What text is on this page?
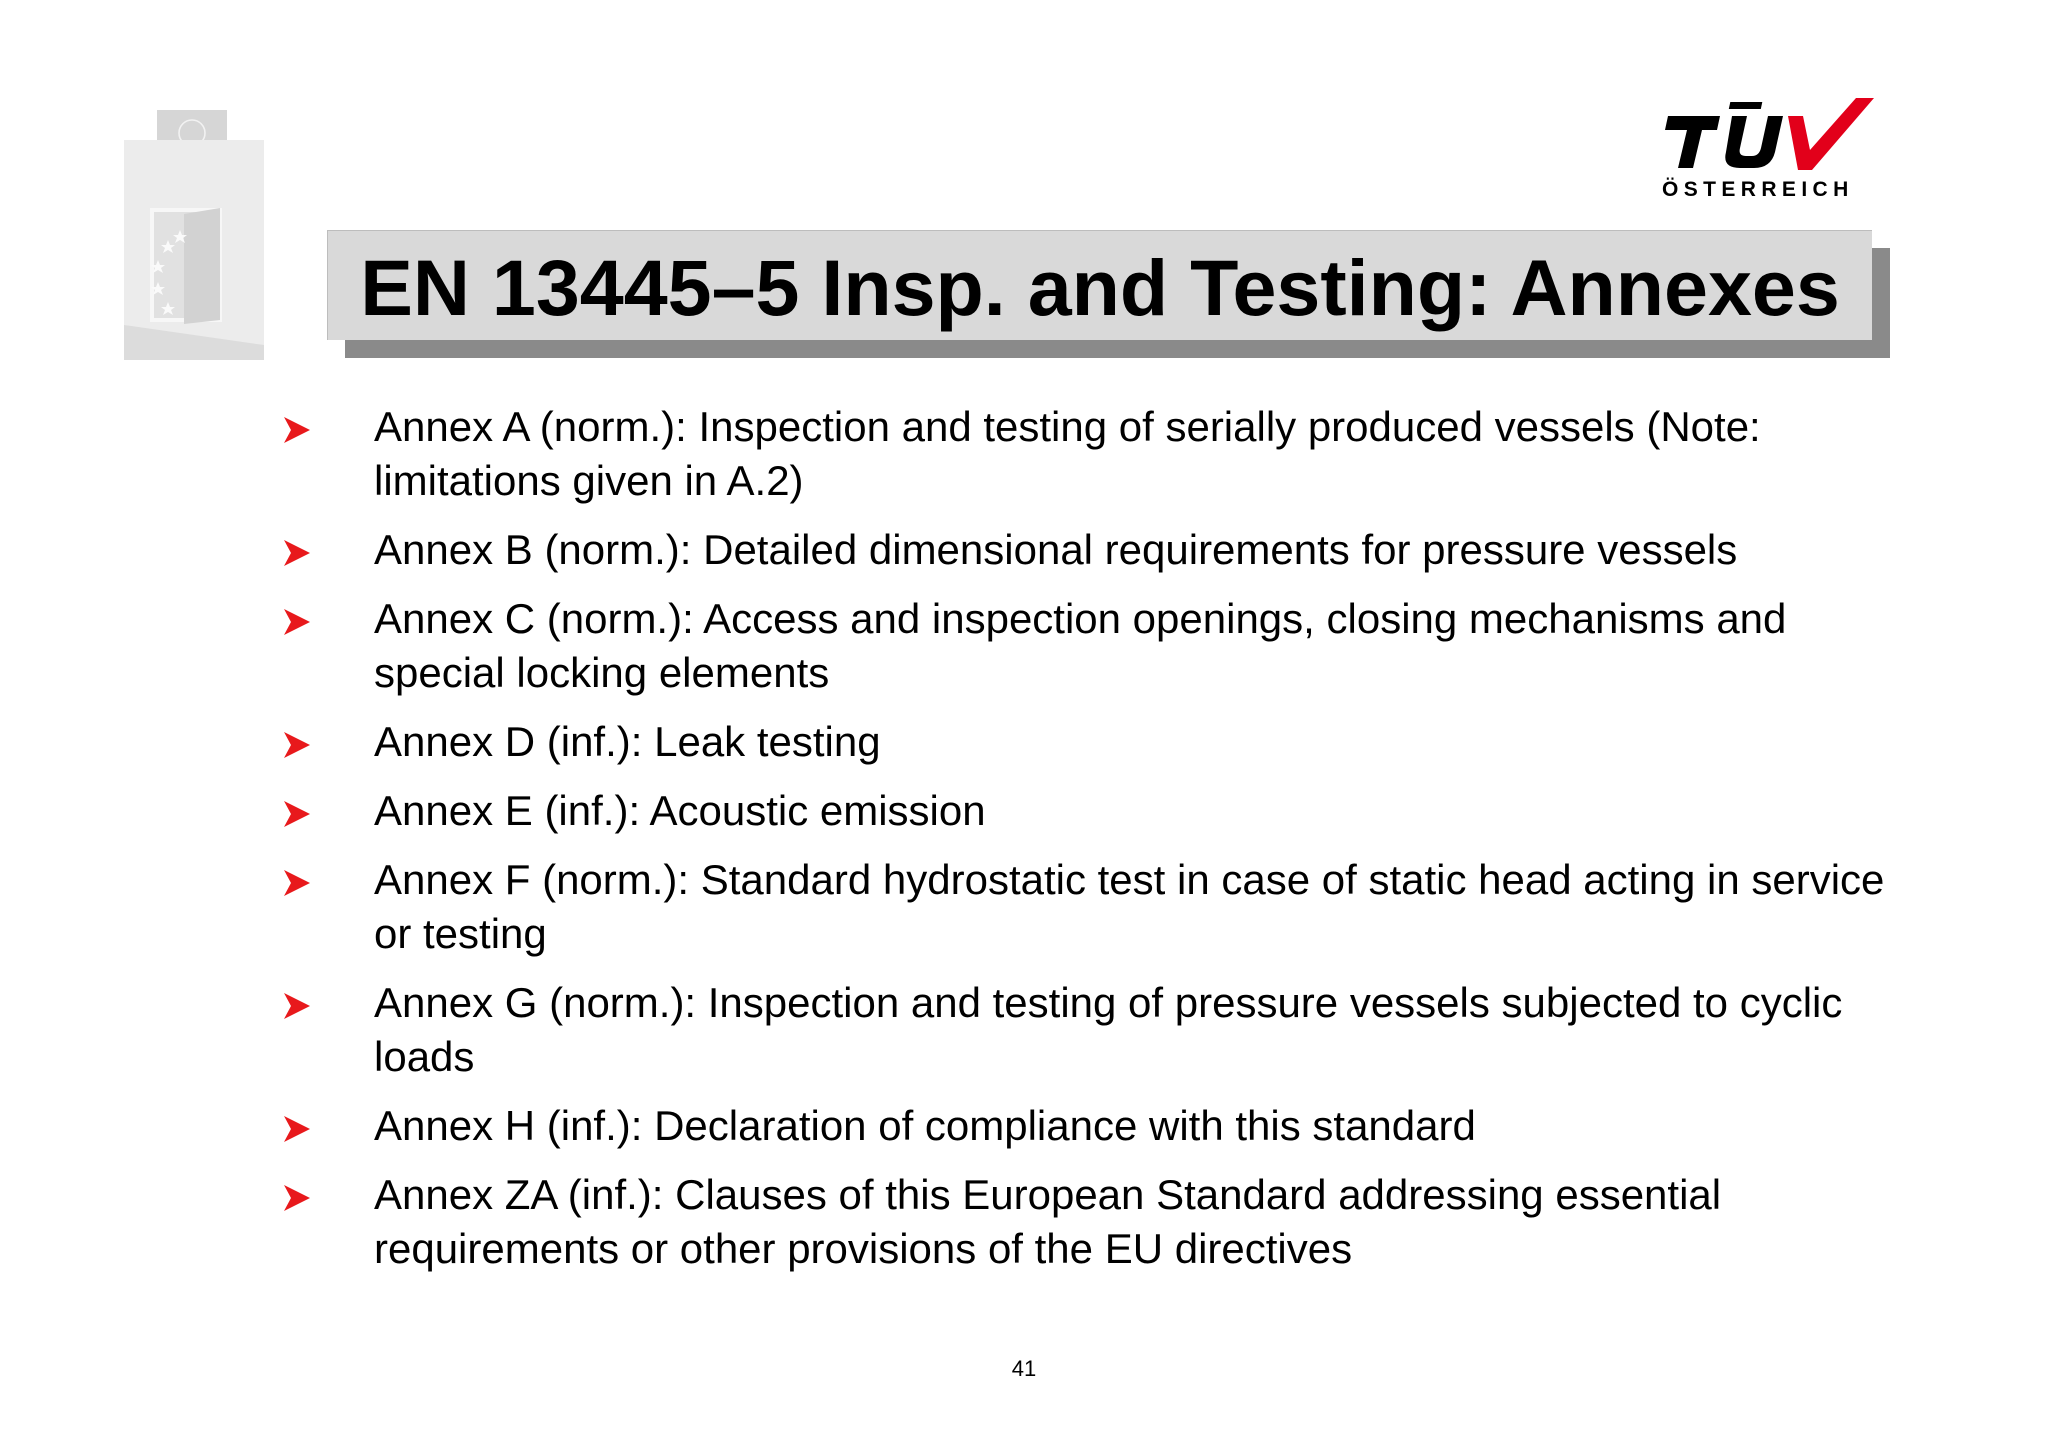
ÖSTERREICH
EN 13445–5 Insp. and Testing: Annexes
Annex A (norm.): Inspection and testing of serially produced vessels (Note: limitations given in A.2)
Annex B (norm.): Detailed dimensional requirements for pressure vessels
Annex C (norm.): Access and inspection openings, closing mechanisms and special locking elements
Annex D (inf.): Leak testing
Annex E (inf.): Acoustic emission
Annex F (norm.): Standard hydrostatic test in case of static head acting in service or testing
Annex G (norm.): Inspection and testing of pressure vessels subjected to cyclic loads
Annex H (inf.): Declaration of compliance with this standard
Annex ZA (inf.): Clauses of this European Standard addressing essential requirements or other provisions of the EU directives
41
